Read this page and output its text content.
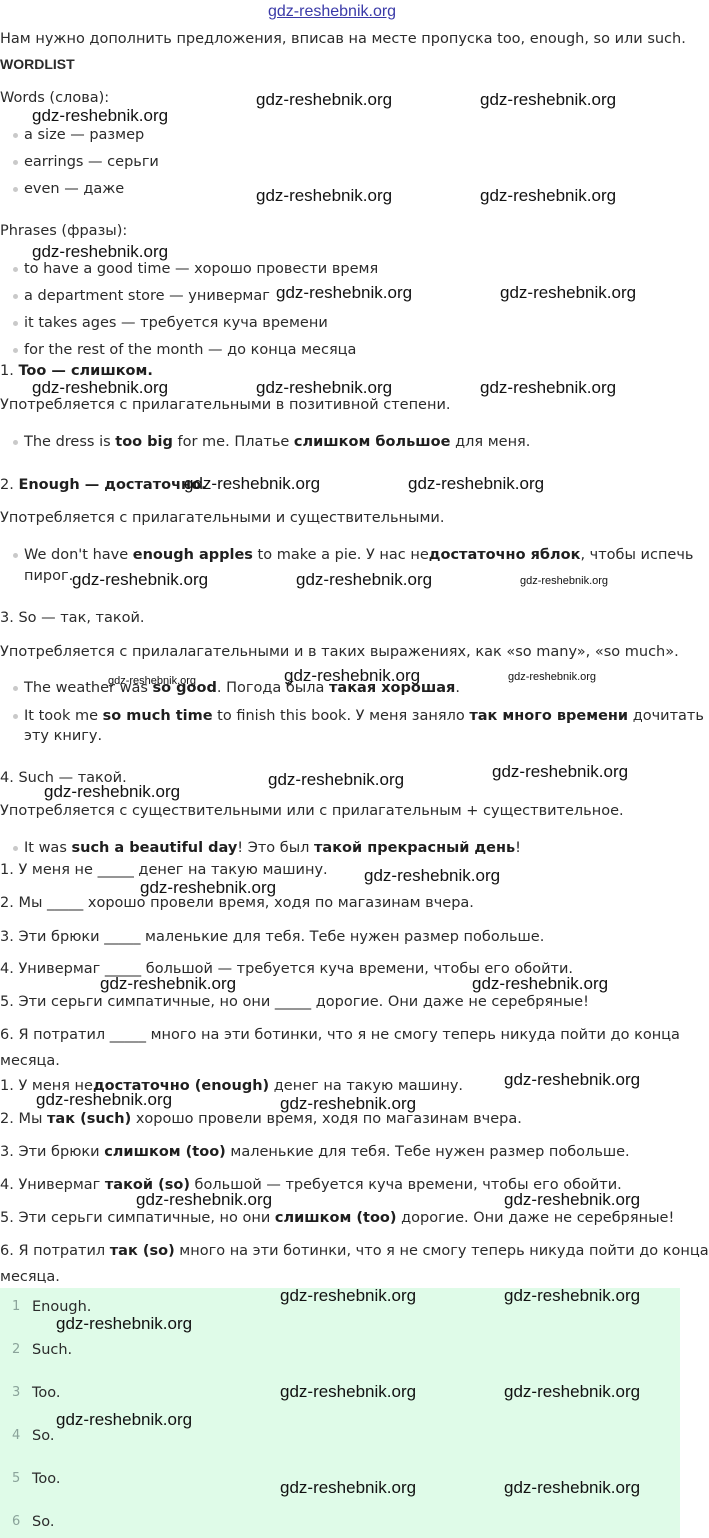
gdz-reshebnik.org
Нам нужно дополнить предложения, вписав на месте пропуска too, enough, so или such.
WORDLIST
Words (слова):
a size — размер
earrings — серьги
even — даже
Phrases (фразы):
to have a good time — хорошо провести время
a department store — универмаг
it takes ages — требуется куча времени
for the rest of the month — до конца месяца
1. Too — слишком.
Употребляется с прилагательными в позитивной степени.
The dress is too big for me. Платье слишком большое для меня.
2. Enough — достаточно.
Употребляется с прилагательными и существительными.
We don't have enough apples to make a pie. У нас недостаточно яблок, чтобы испечь
пирог.
3. So — так, такой.
Употребляется с прилалагательными и в таких выражениях, как «so many», «so much».
The weather was so good. Погода была такая хорошая.
It took me so much time to finish this book. У меня заняло так много времени дочитать
эту книгу.
4. Such — такой.
Употребляется с существительными или с прилагательным + существительное.
It was such a beautiful day! Это был такой прекрасный день!
1. У меня не _____ денег на такую машину.
2. Мы _____ хорошо провели время, ходя по магазинам вчера.
3. Эти брюки _____ маленькие для тебя. Тебе нужен размер побольше.
4. Универмаг _____ большой — требуется куча времени, чтобы его обойти.
5. Эти серьги симпатичные, но они _____ дорогие. Они даже не серебряные!
6. Я потратил _____ много на эти ботинки, что я не смогу теперь никуда пойти до конца
месяца.
1. У меня недостаточно (enough) денег на такую машину.
2. Мы так (such) хорошо провели время, ходя по магазинам вчера.
3. Эти брюки слишком (too) маленькие для тебя. Тебе нужен размер побольше.
4. Универмаг такой (so) большой — требуется куча времени, чтобы его обойти.
5. Эти серьги симпатичные, но они слишком (too) дорогие. Они даже не серебряные!
6. Я потратил так (so) много на эти ботинки, что я не смогу теперь никуда пойти до конца
месяца.
1 Enough.
2 Such.
3 Too.
4 So.
5 Too.
6 So.
gdz-reshebnik.org	gdz-reshebnik.org
gdz-reshebnik.org
gdz-reshebnik.org	gdz-reshebnik.org
gdz-reshebnik.org
gdz-reshebnik.org	gdz-reshebnik.org
gdz-reshebnik.org	gdz-reshebnik.org	gdz-reshebnik.org
gdz-reshebnik.org	gdz-reshebnik.org
gdz-reshebnik.org	gdz-reshebnik.org	gdz-reshebnik.org
gdz-reshebnik.org	gdz-reshebnik.org	gdz-reshebnik.org
gdz-reshebnik.org	gdz-reshebnik.org
gdz-reshebnik.org
gdz-reshebnik.org
gdz-reshebnik.org
gdz-reshebnik.org	gdz-reshebnik.org
gdz-reshebnik.org
gdz-reshebnik.org
gdz-reshebnik.org
gdz-reshebnik.org	gdz-reshebnik.org
gdz-reshebnik.org	gdz-reshebnik.org
gdz-reshebnik.org
gdz-reshebnik.org	gdz-reshebnik.org
gdz-reshebnik.org
gdz-reshebnik.org	gdz-reshebnik.org
